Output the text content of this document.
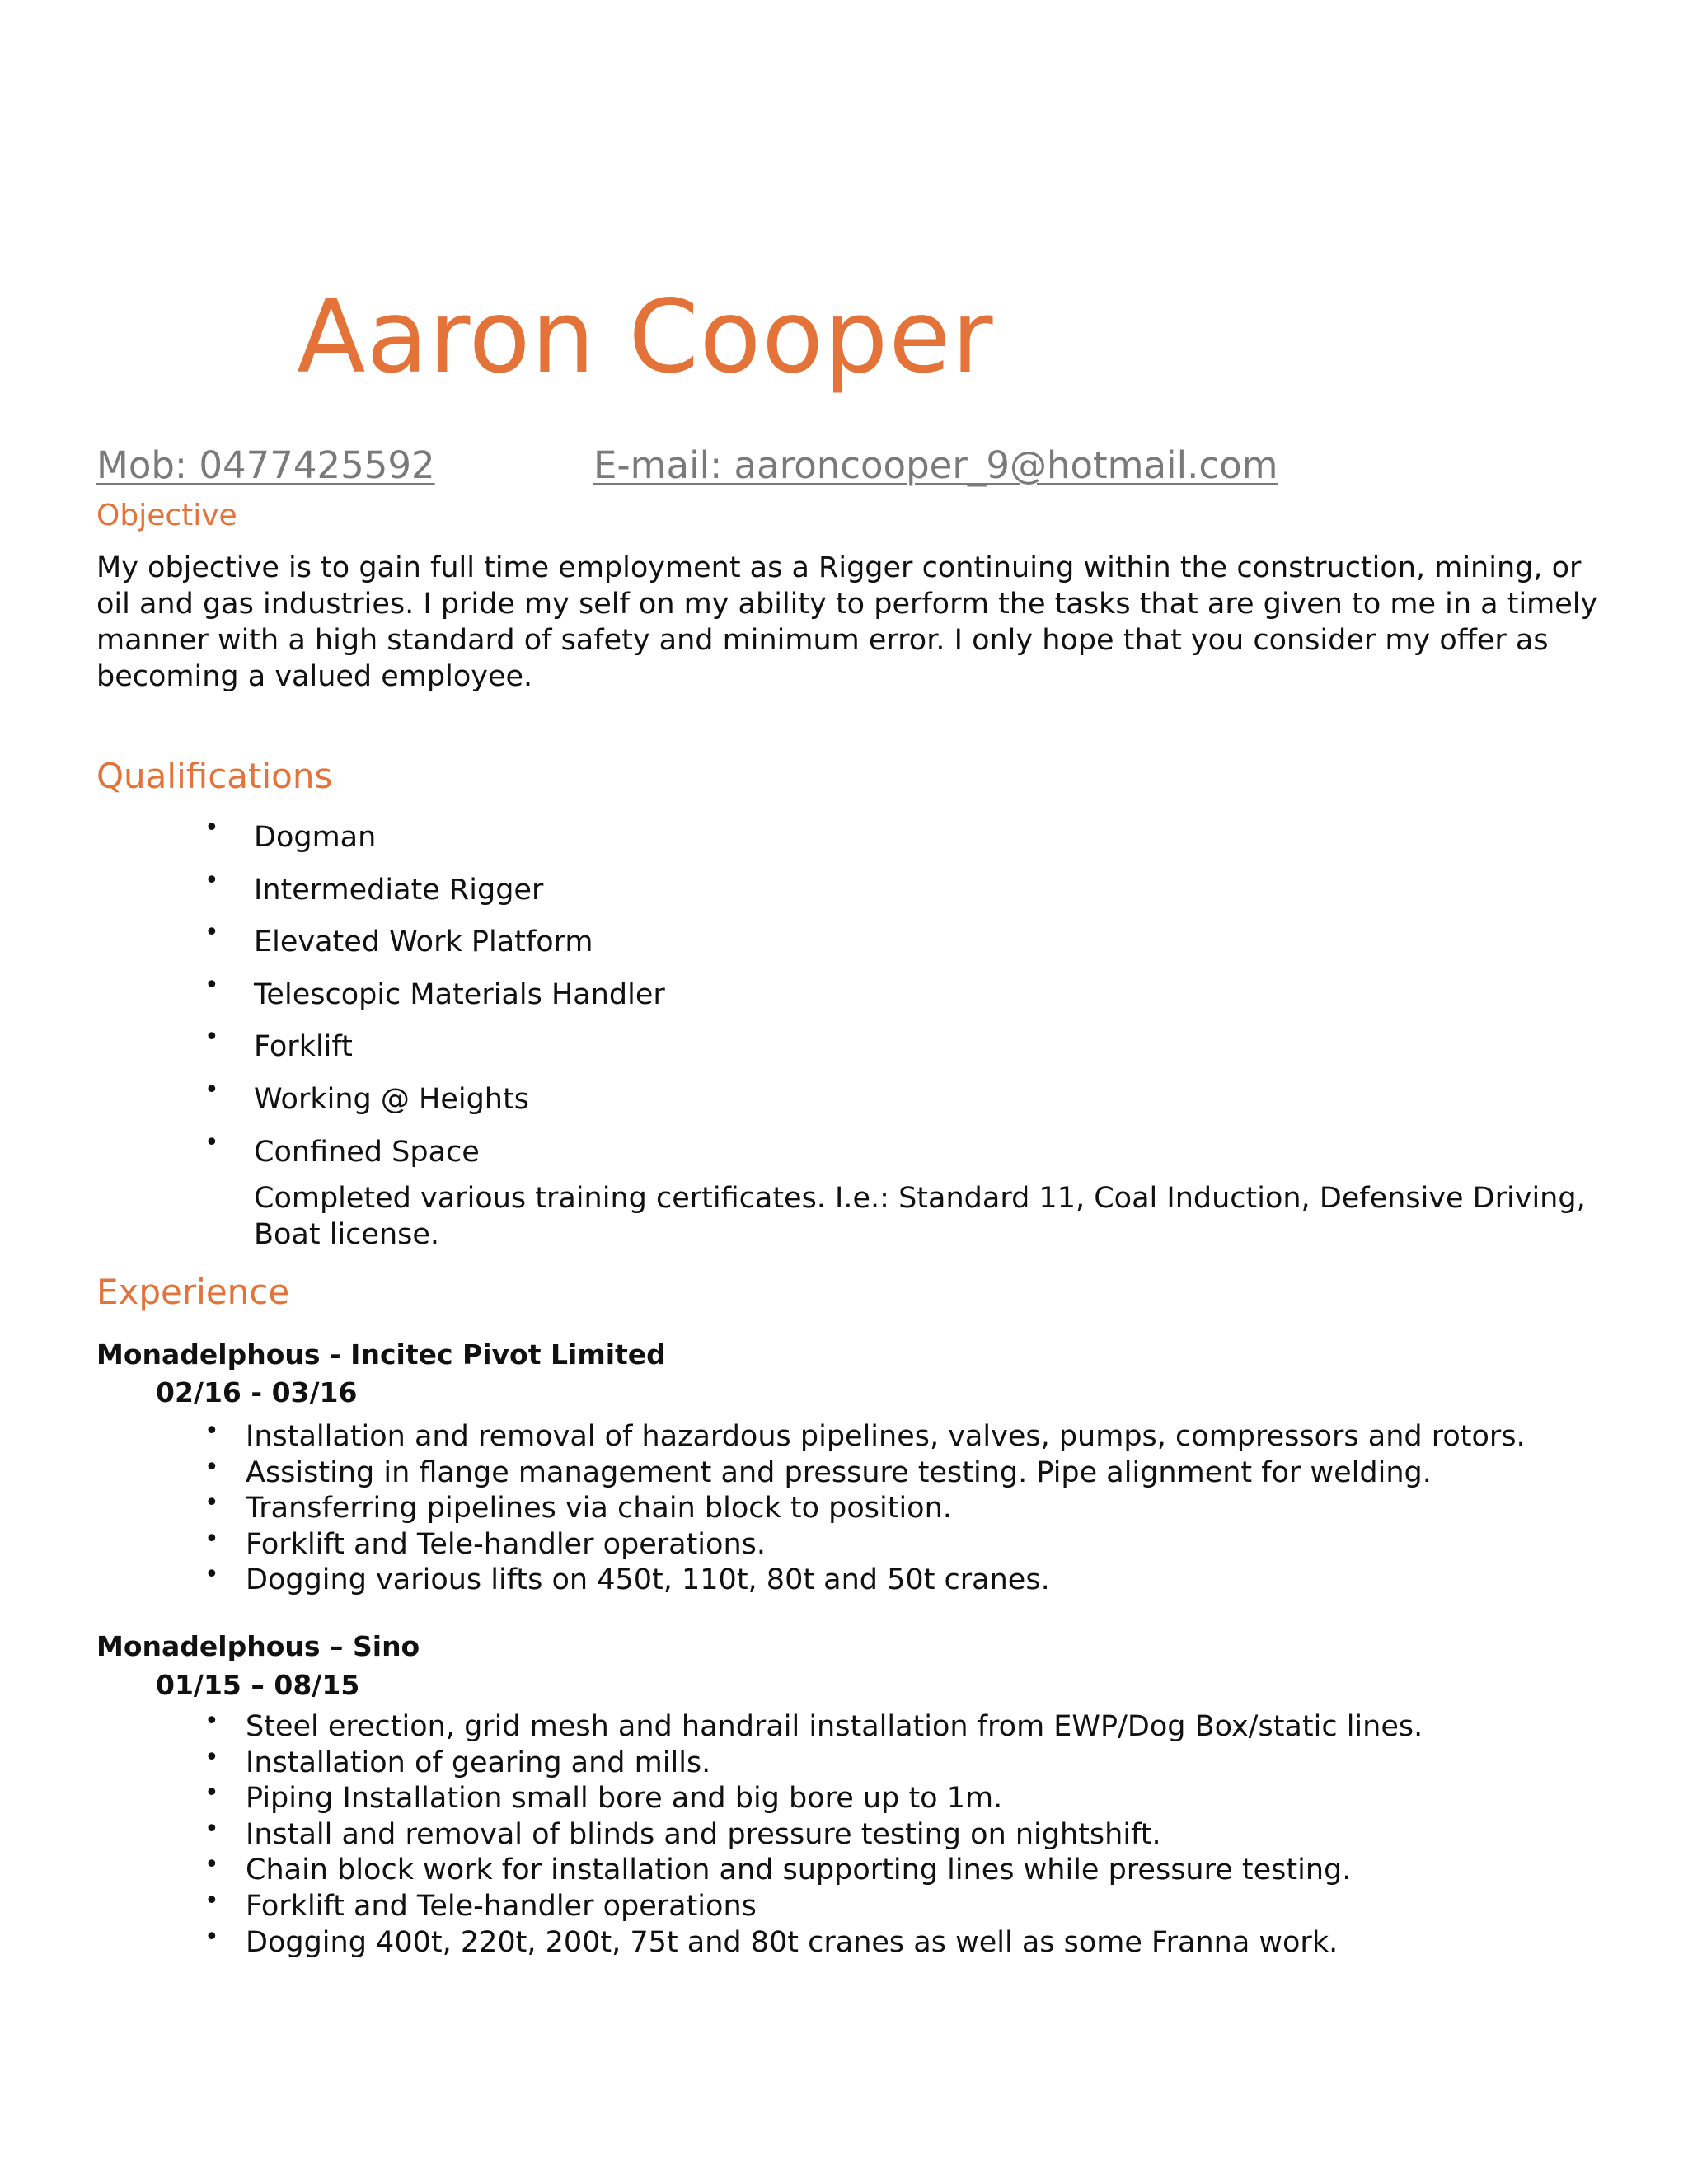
Aaron Cooper
Mob: 0477425592	E-mail: aaroncooper_9@hotmail.com
Objective

My objective is to gain full time employment as a Rigger continuing within the construction, mining, or oil and gas industries. I pride my self on my ability to perform the tasks that are given to me in a timely manner with a high standard of safety and minimum error. I only hope that you consider my offer as becoming a valued employee.

Qualifications
• Dogman
• Intermediate Rigger
• Elevated Work Platform
• Telescopic Materials Handler
• Forklift
• Working @ Heights
• Confined Space

Completed various training certificates. I.e.: Standard 11, Coal Induction, Defensive Driving, Boat license.

Experience
Monadelphous - Incitec Pivot Limited
02/16 - 03/16
• Installation and removal of hazardous pipelines, valves, pumps, compressors and rotors.
• Assisting in flange management and pressure testing. Pipe alignment for welding.
• Transferring pipelines via chain block to position.
• Forklift and Tele-handler operations.
• Dogging various lifts on 450t, 110t, 80t and 50t cranes.
Monadelphous – Sino
01/15 – 08/15
• Steel erection, grid mesh and handrail installation from EWP/Dog Box/static lines.
• Installation of gearing and mills.
• Piping Installation small bore and big bore up to 1m.
• Install and removal of blinds and pressure testing on nightshift.
• Chain block work for installation and supporting lines while pressure testing.
• Forklift and Tele-handler operations
• Dogging 400t, 220t, 200t, 75t and 80t cranes as well as some Franna work.
